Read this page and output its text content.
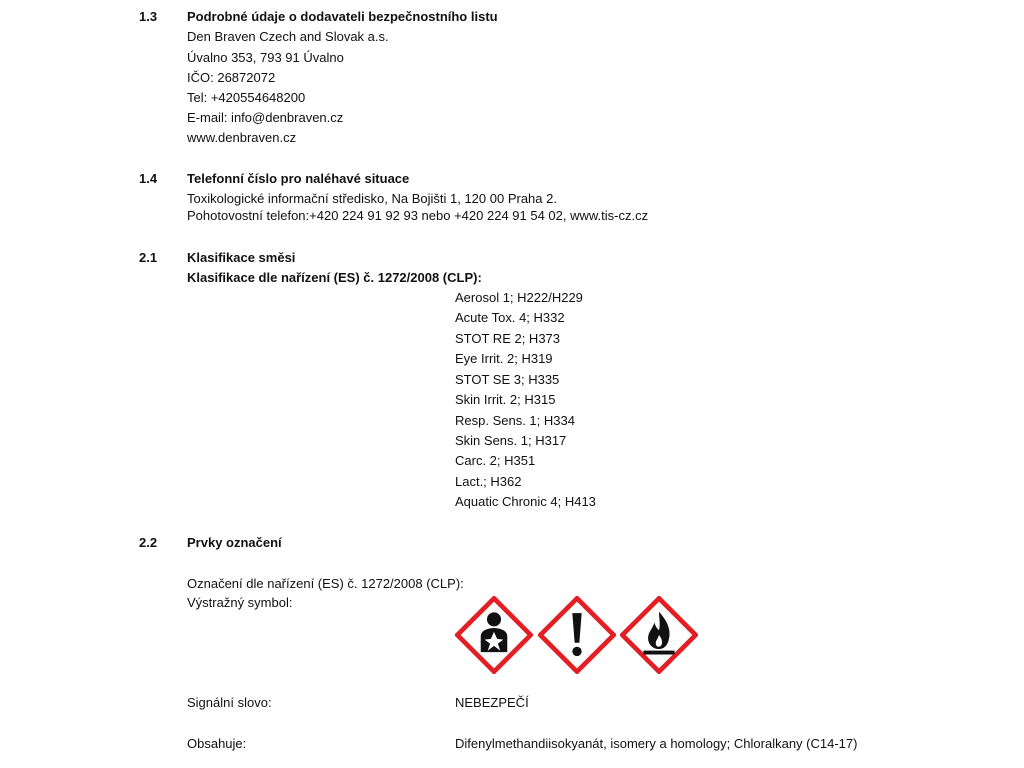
1.3 Podrobné údaje o dodavateli bezpečnostního listu
Den Braven Czech and Slovak a.s.
Úvalno 353, 793 91 Úvalno
IČO: 26872072
Tel: +420554648200
E-mail: info@denbraven.cz
www.denbraven.cz
1.4 Telefonní číslo pro naléhavé situace
Toxikologické informační středisko, Na Bojišti 1, 120 00 Praha 2.
Pohotovostní telefon:+420 224 91 92 93 nebo +420 224 91 54 02, www.tis-cz.cz
2.1 Klasifikace směsi
Klasifikace dle nařízení (ES) č. 1272/2008 (CLP):
Aerosol 1; H222/H229
Acute Tox. 4; H332
STOT RE 2; H373
Eye Irrit. 2; H319
STOT SE 3; H335
Skin Irrit. 2; H315
Resp. Sens. 1; H334
Skin Sens. 1; H317
Carc. 2; H351
Lact.; H362
Aquatic Chronic 4; H413
2.2 Prvky označení
Označení dle nařízení (ES) č. 1272/2008 (CLP):
Výstražný symbol:
Signální slovo:	NEBEZPEČÍ
Obsahuje:	Difenylmethandiisokyanát, isomery a homology; Chloralkany (C14-17)
